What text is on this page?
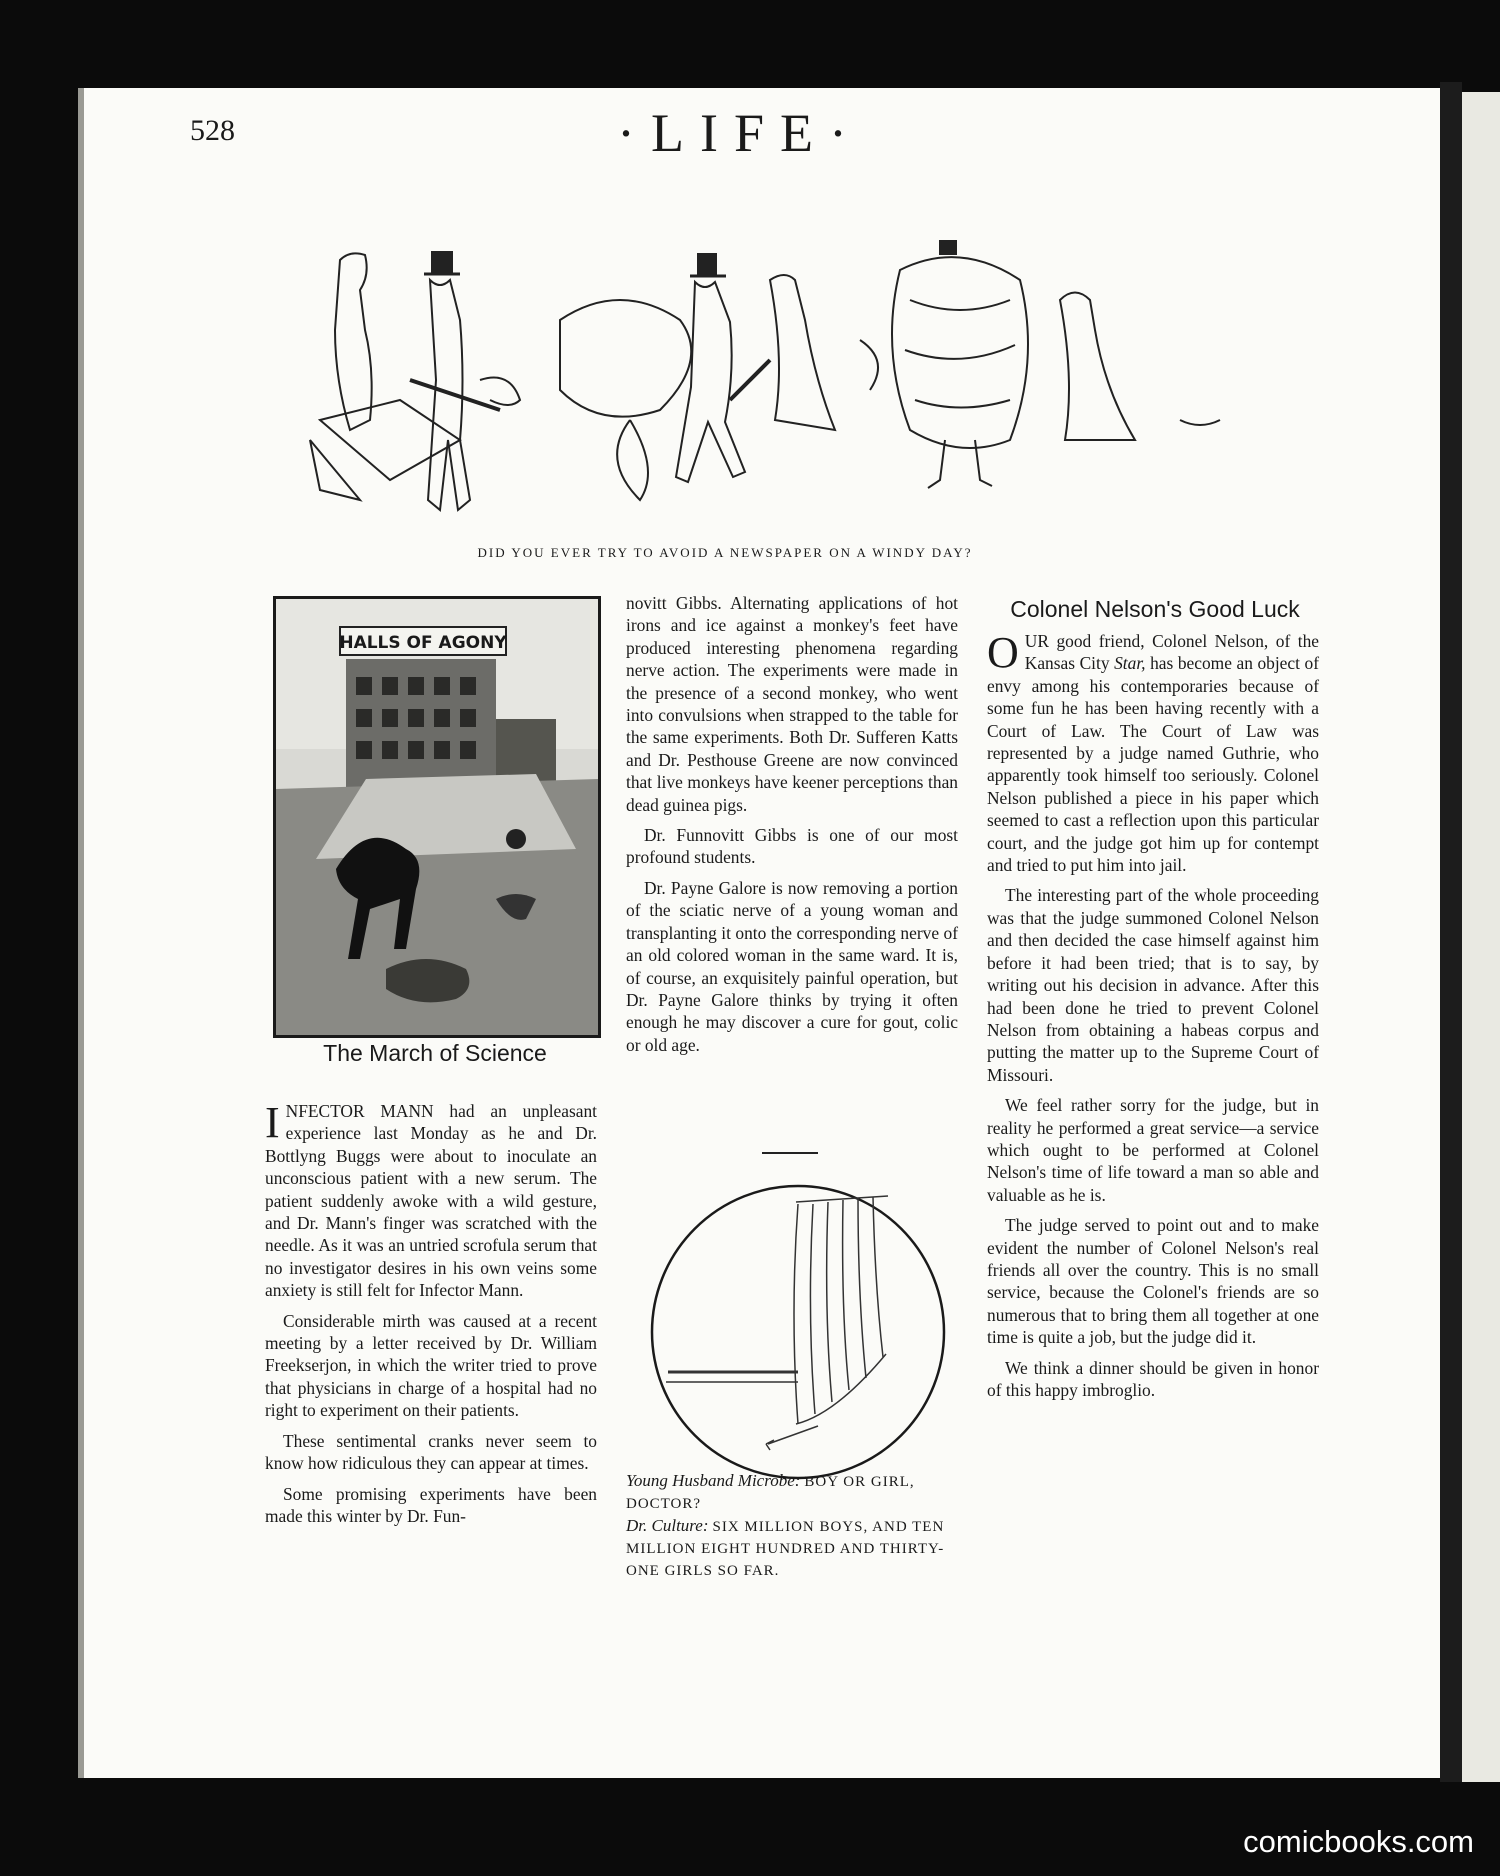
528	·LIFE·
DID YOU EVER TRY TO AVOID A NEWSPAPER ON A WINDY DAY?
HALLS OF AGONY
The March of Science
Colonel Nelson's Good Luck

INFECTOR MANN had an unpleasant experience last Monday as he and Dr. Bottlyng Buggs were about to inoculate an unconscious patient with a new serum. The patient suddenly awoke with a wild gesture, and Dr. Mann's finger was scratched with the needle. As it was an untried scrofula serum that no investigator desires in his own veins some anxiety is still felt for Infector Mann.

Considerable mirth was caused at a recent meeting by a letter received by Dr. William Freekserjon, in which the writer tried to prove that physicians in charge of a hospital had no right to experiment on their patients.

These sentimental cranks never seem to know how ridiculous they can appear at times.

Some promising experiments have been made this winter by Dr. Fun-

novitt Gibbs. Alternating applications of hot irons and ice against a monkey's feet have produced interesting phenomena regarding nerve action. The experiments were made in the presence of a second monkey, who went into convulsions when strapped to the table for the same experiments. Both Dr. Sufferen Katts and Dr. Pesthouse Greene are now convinced that live monkeys have keener perceptions than dead guinea pigs.

Dr. Funnovitt Gibbs is one of our most profound students.

Dr. Payne Galore is now removing a portion of the sciatic nerve of a young woman and transplanting it onto the corresponding nerve of an old colored woman in the same ward. It is, of course, an exquisitely painful operation, but Dr. Payne Galore thinks by trying it often enough he may discover a cure for gout, colic or old age.

Young Husband Microbe: BOY OR GIRL, DOCTOR?
Dr. Culture: SIX MILLION BOYS, AND TEN MILLION EIGHT HUNDRED AND THIRTY-ONE GIRLS SO FAR.

OUR good friend, Colonel Nelson, of the Kansas City Star, has become an object of envy among his contemporaries because of some fun he has been having recently with a Court of Law. The Court of Law was represented by a judge named Guthrie, who apparently took himself too seriously. Colonel Nelson published a piece in his paper which seemed to cast a reflection upon this particular court, and the judge got him up for contempt and tried to put him into jail.

The interesting part of the whole proceeding was that the judge summoned Colonel Nelson and then decided the case himself against him before it had been tried; that is to say, by writing out his decision in advance. After this had been done he tried to prevent Colonel Nelson from obtaining a habeas corpus and putting the matter up to the Supreme Court of Missouri.

We feel rather sorry for the judge, but in reality he performed a great service—a service which ought to be performed at Colonel Nelson's time of life toward a man so able and valuable as he is.

The judge served to point out and to make evident the number of Colonel Nelson's real friends all over the country. This is no small service, because the Colonel's friends are so numerous that to bring them all together at one time is quite a job, but the judge did it.

We think a dinner should be given in honor of this happy imbroglio.

comicbooks.com
